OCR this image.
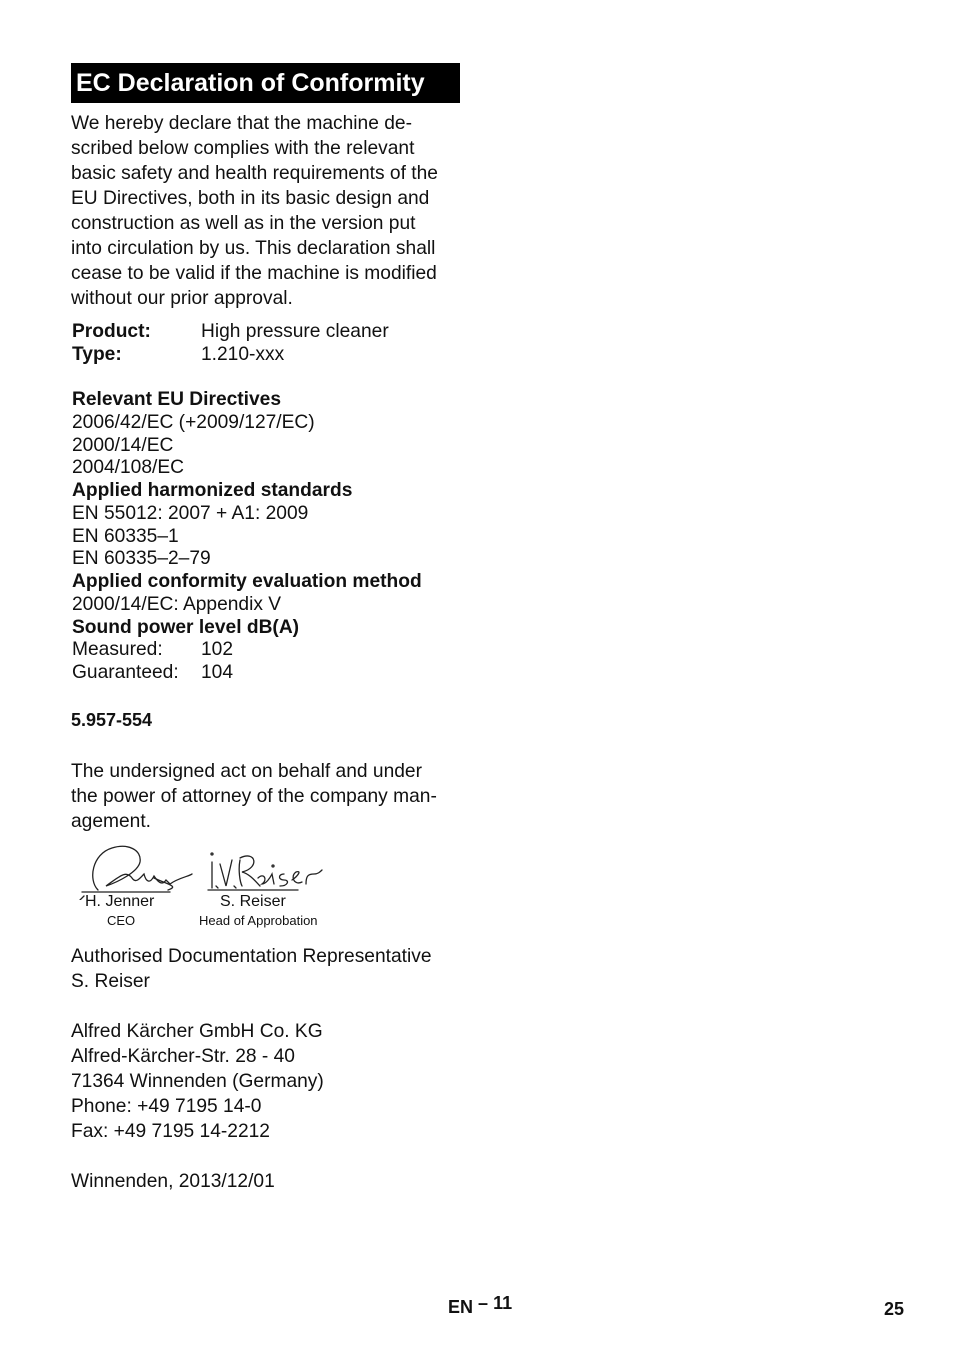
EC Declaration of Conformity

We hereby declare that the machine de-
scribed below complies with the relevant
basic safety and health requirements of the
EU Directives, both in its basic design and
construction as well as in the version put
into circulation by us. This declaration shall
cease to be valid if the machine is modified
without our prior approval.

Product:	High pressure cleaner
Type:	1.210-xxx
Relevant EU Directives
2006/42/EC (+2009/127/EC)
2000/14/EC
2004/108/EC
Applied harmonized standards
EN 55012: 2007 + A1: 2009
EN 60335–1
EN 60335–2–79
Applied conformity evaluation method
2000/14/EC: Appendix V
Sound power level dB(A)
Measured: 102
Guaranteed: 104
5.957-554

The undersigned act on behalf and under
the power of attorney of the company man-
agement.

H. Jenner
CEO
S. Reiser
Head of Approbation

Authorised Documentation Representative
S. Reiser

Alfred Kärcher GmbH Co. KG
Alfred-Kärcher-Str. 28 - 40
71364 Winnenden (Germany)
Phone: +49 7195 14-0
Fax: +49 7195 14-2212

Winnenden, 2013/12/01

EN – 11	25
